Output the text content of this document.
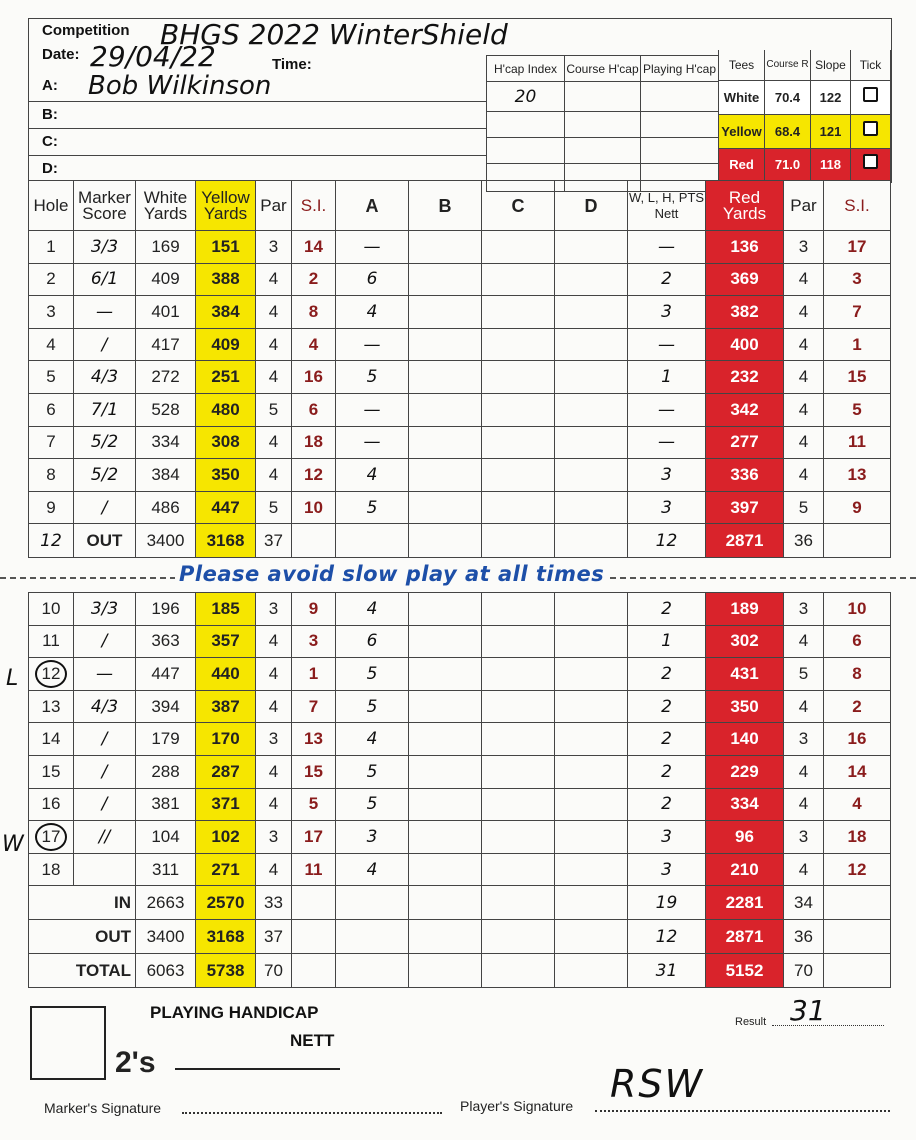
Competition BHGS 2022 WinterShield
Date: 29/04/22	Time:
A: Bob Wilkinson
B:
C:
D:
H'cap Index	Course H'cap	Playing H'cap
20		

Tees	Course R	Slope	Tick
White	70.4	122	
Yellow	68.4	121	
Red	71.0	118	
Hole	Marker Score	White Yards	Yellow Yards	Par	S.I.	A	B	C	D	W, L, H, PTS Nett	Red Yards	Par	S.I.
1	3/3	169	151	3	14	—				—	136	3	17
2	6/1	409	388	4	2	6				2	369	4	3
3	—	401	384	4	8	4				3	382	4	7
4	/	417	409	4	4	—				—	400	4	1
5	4/3	272	251	4	16	5				1	232	4	15
6	7/1	528	480	5	6	—				—	342	4	5
7	5/2	334	308	4	18	—				—	277	4	11
8	5/2	384	350	4	12	4				3	336	4	13
9	/	486	447	5	10	5				3	397	5	9
12	OUT	3400	3168	37						12	2871	36	
Please avoid slow play at all times
10	3/3	196	185	3	9	4				2	189	3	10
11	/	363	357	4	3	6				1	302	4	6
12	—	447	440	4	1	5				2	431	5	8
13	4/3	394	387	4	7	5				2	350	4	2
14	/	179	170	3	13	4				2	140	3	16
15	/	288	287	4	15	5				2	229	4	14
16	/	381	371	4	5	5				2	334	4	4
17	//	104	102	3	17	3				3	96	3	18
18		311	271	4	11	4				3	210	4	12
IN		2663	2570	33						19	2281	34	
OUT		3400	3168	37						12	2871	36	
TOTAL		6063	5738	70						31	5152	70	
L
W
PLAYING HANDICAP
NETT
2's
Result 31
Marker's Signature	Player's Signature RSW
